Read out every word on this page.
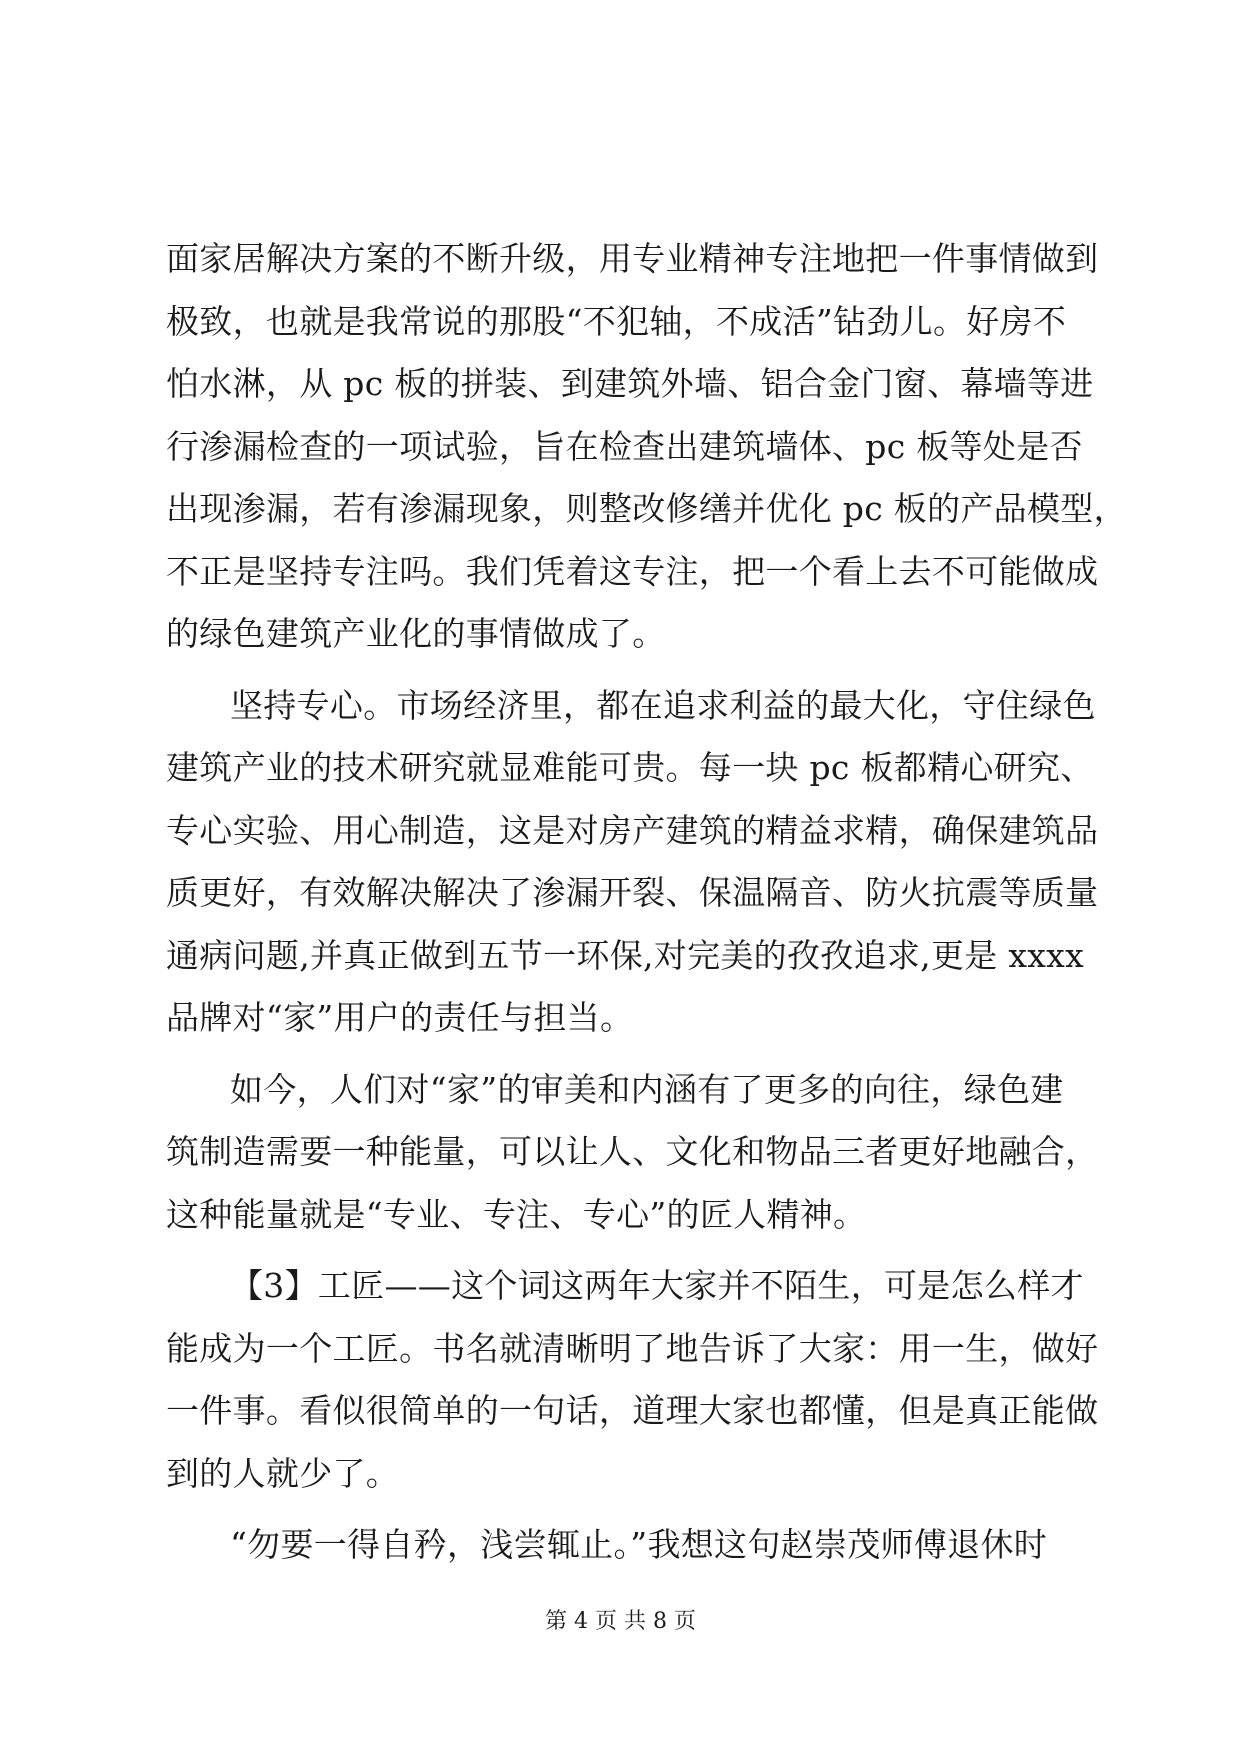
面家居解决方案的不断升级，用专业精神专注地把一件事情做到
极致，也就是我常说的那股“不犯轴，不成活”钻劲儿。好房不
怕水淋，从 pc 板的拼装、到建筑外墙、铝合金门窗、幕墙等进
行渗漏检查的一项试验，旨在检查出建筑墙体、pc 板等处是否
出现渗漏，若有渗漏现象，则整改修缮并优化 pc 板的产品模型，
不正是坚持专注吗。我们凭着这专注，把一个看上去不可能做成
的绿色建筑产业化的事情做成了。
坚持专心。市场经济里，都在追求利益的最大化，守住绿色
建筑产业的技术研究就显难能可贵。每一块 pc 板都精心研究、
专心实验、用心制造，这是对房产建筑的精益求精，确保建筑品
质更好，有效解决解决了渗漏开裂、保温隔音、防火抗震等质量
通病问题,并真正做到五节一环保,对完美的孜孜追求,更是 xxxx
品牌对“家”用户的责任与担当。
如今，人们对“家”的审美和内涵有了更多的向往，绿色建
筑制造需要一种能量，可以让人、文化和物品三者更好地融合，
这种能量就是“专业、专注、专心”的匠人精神。
【3】工匠——这个词这两年大家并不陌生，可是怎么样才
能成为一个工匠。书名就清晰明了地告诉了大家：用一生，做好
一件事。看似很简单的一句话，道理大家也都懂，但是真正能做
到的人就少了。
“勿要一得自矜，浅尝辄止。”我想这句赵崇茂师傅退休时
第 4 页 共 8 页
